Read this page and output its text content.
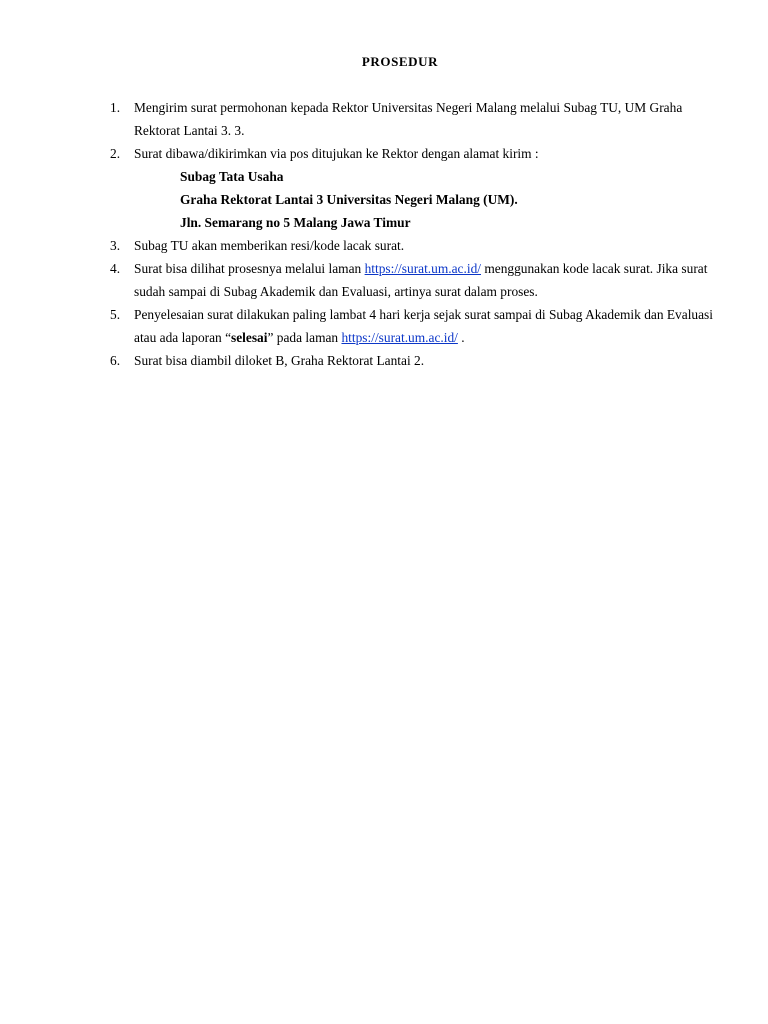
PROSEDUR
1. Mengirim surat permohonan kepada Rektor Universitas Negeri Malang melalui Subag TU, UM Graha Rektorat Lantai 3. 3.
2. Surat dibawa/dikirimkan via pos ditujukan ke Rektor dengan alamat kirim :
Subag Tata Usaha
Graha Rektorat Lantai 3 Universitas Negeri Malang (UM).
Jln. Semarang no 5 Malang Jawa Timur
3. Subag TU akan memberikan resi/kode lacak surat.
4. Surat bisa dilihat prosesnya melalui laman https://surat.um.ac.id/ menggunakan kode lacak surat. Jika surat sudah sampai di Subag Akademik dan Evaluasi, artinya surat dalam proses.
5. Penyelesaian surat dilakukan paling lambat 4 hari kerja sejak surat sampai di Subag Akademik dan Evaluasi atau ada laporan “selesai” pada laman https://surat.um.ac.id/ .
6. Surat bisa diambil diloket B, Graha Rektorat Lantai 2.
